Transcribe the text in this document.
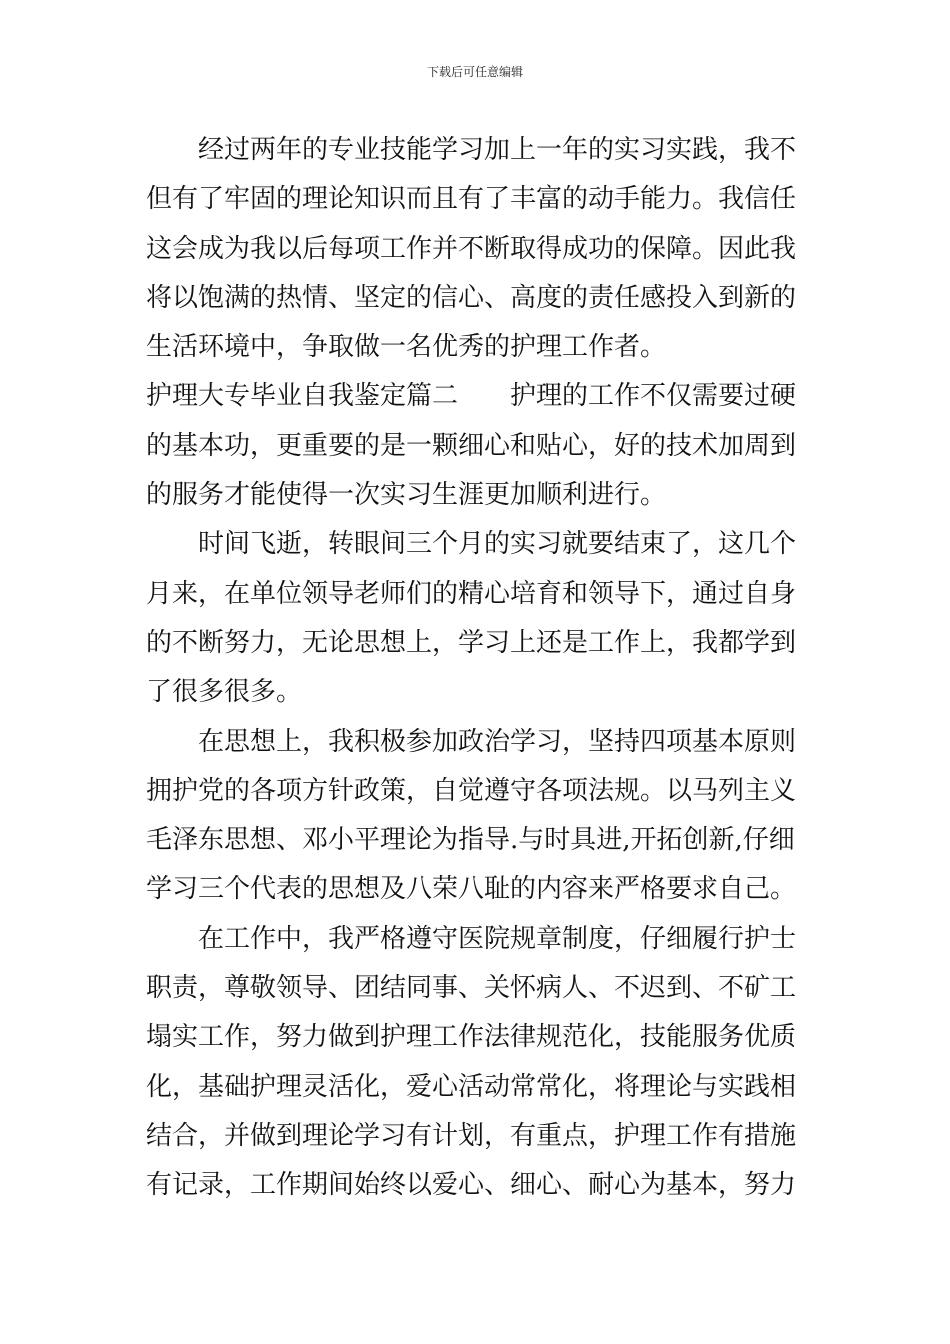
下载后可任意编辑
经过两年的专业技能学习加上一年的实习实践，我不
但有了牢固的理论知识而且有了丰富的动手能力。我信任
这会成为我以后每项工作并不断取得成功的保障。因此我
将以饱满的热情、坚定的信心、高度的责任感投入到新的
生活环境中，争取做一名优秀的护理工作者。
护理大专毕业自我鉴定篇二 护理的工作不仅需要过硬
的基本功，更重要的是一颗细心和贴心，好的技术加周到
的服务才能使得一次实习生涯更加顺利进行。
时间飞逝，转眼间三个月的实习就要结束了，这几个
月来，在单位领导老师们的精心培育和领导下，通过自身
的不断努力，无论思想上，学习上还是工作上，我都学到
了很多很多。
在思想上，我积极参加政治学习，坚持四项基本原则
拥护党的各项方针政策，自觉遵守各项法规。以马列主义
毛泽东思想、邓小平理论为指导.与时具进,开拓创新,仔细
学习三个代表的思想及八荣八耻的内容来严格要求自己。
在工作中，我严格遵守医院规章制度，仔细履行护士
职责，尊敬领导、团结同事、关怀病人、不迟到、不矿工
塌实工作，努力做到护理工作法律规范化，技能服务优质
化，基础护理灵活化，爱心活动常常化，将理论与实践相
结合，并做到理论学习有计划，有重点，护理工作有措施
有记录，工作期间始终以爱心、细心、耐心为基本，努力
